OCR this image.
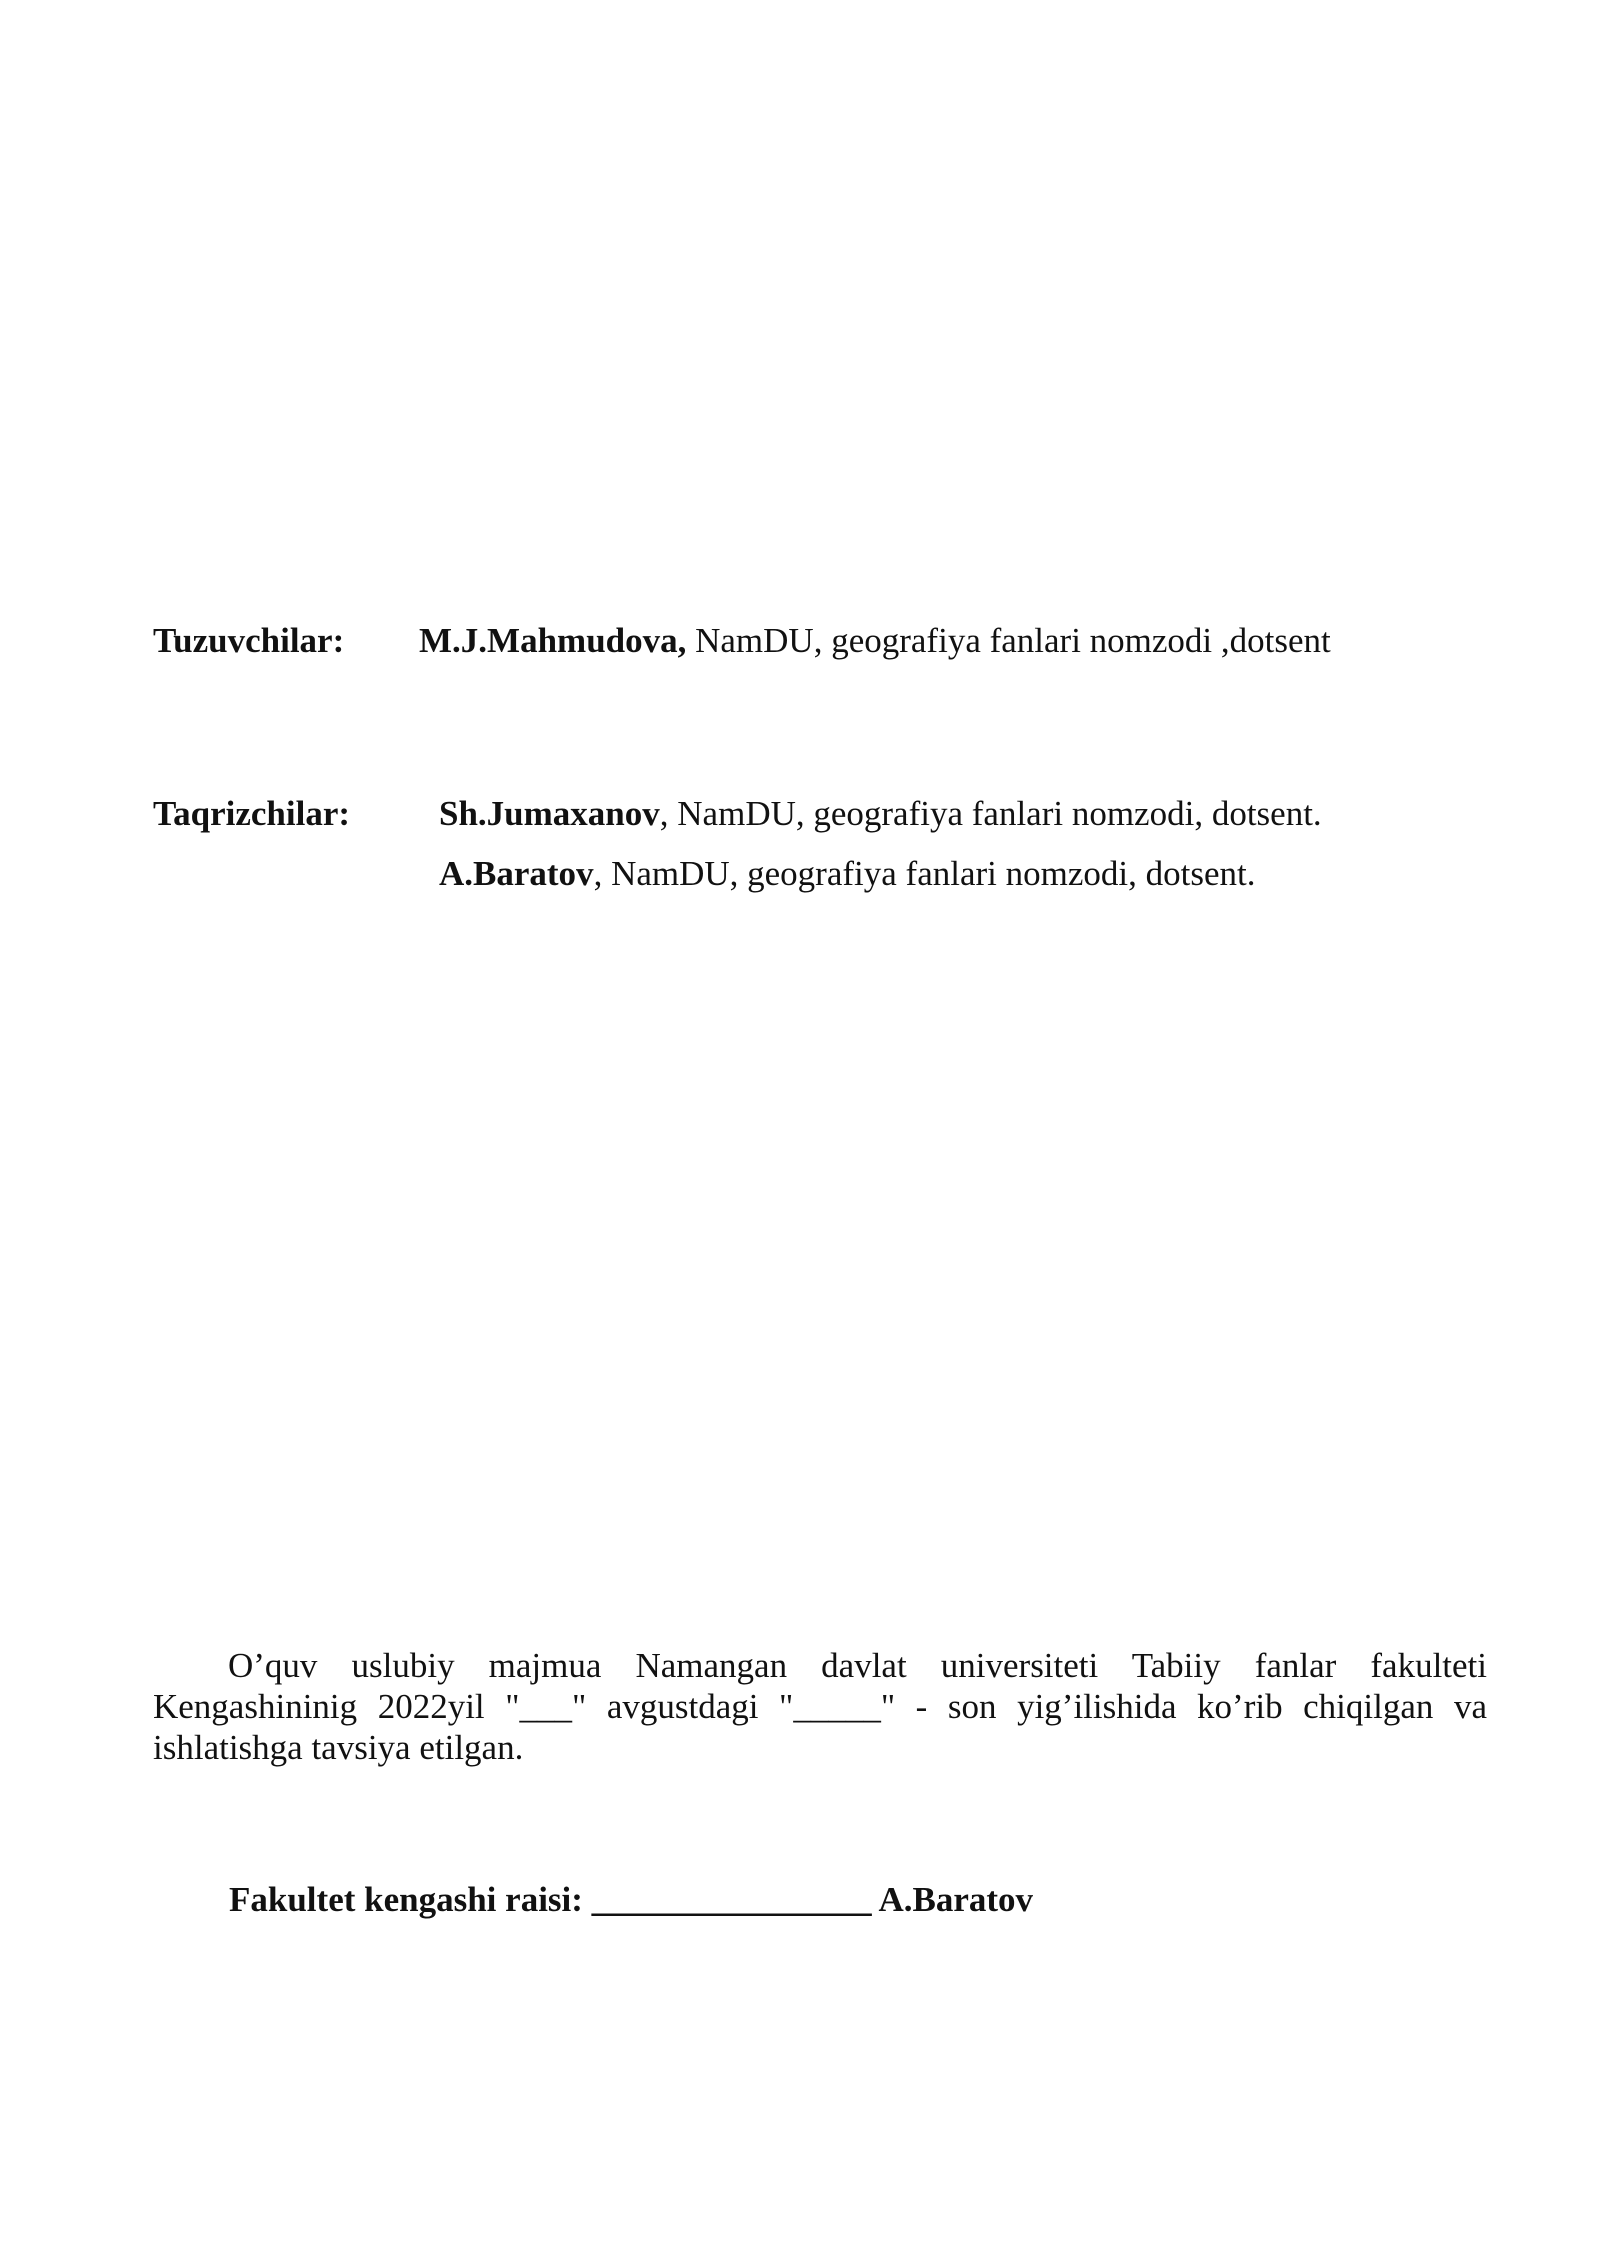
Tuzuvchilar: M.J.Mahmudova, NamDU, geografiya fanlari nomzodi ,dotsent
Taqrizchilar:	Sh.Jumaxanov, NamDU, geografiya fanlari nomzodi, dotsent.
A.Baratov, NamDU, geografiya fanlari nomzodi, dotsent.
O’quv uslubiy majmua Namangan davlat universiteti Tabiiy fanlar fakulteti
Kengashininig 2022yil "___" avgustdagi "_____" - son yig’ilishida ko’rib chiqilgan va
ishlatishga tavsiya etilgan.
Fakultet kengashi raisi: ________________ A.Baratov
